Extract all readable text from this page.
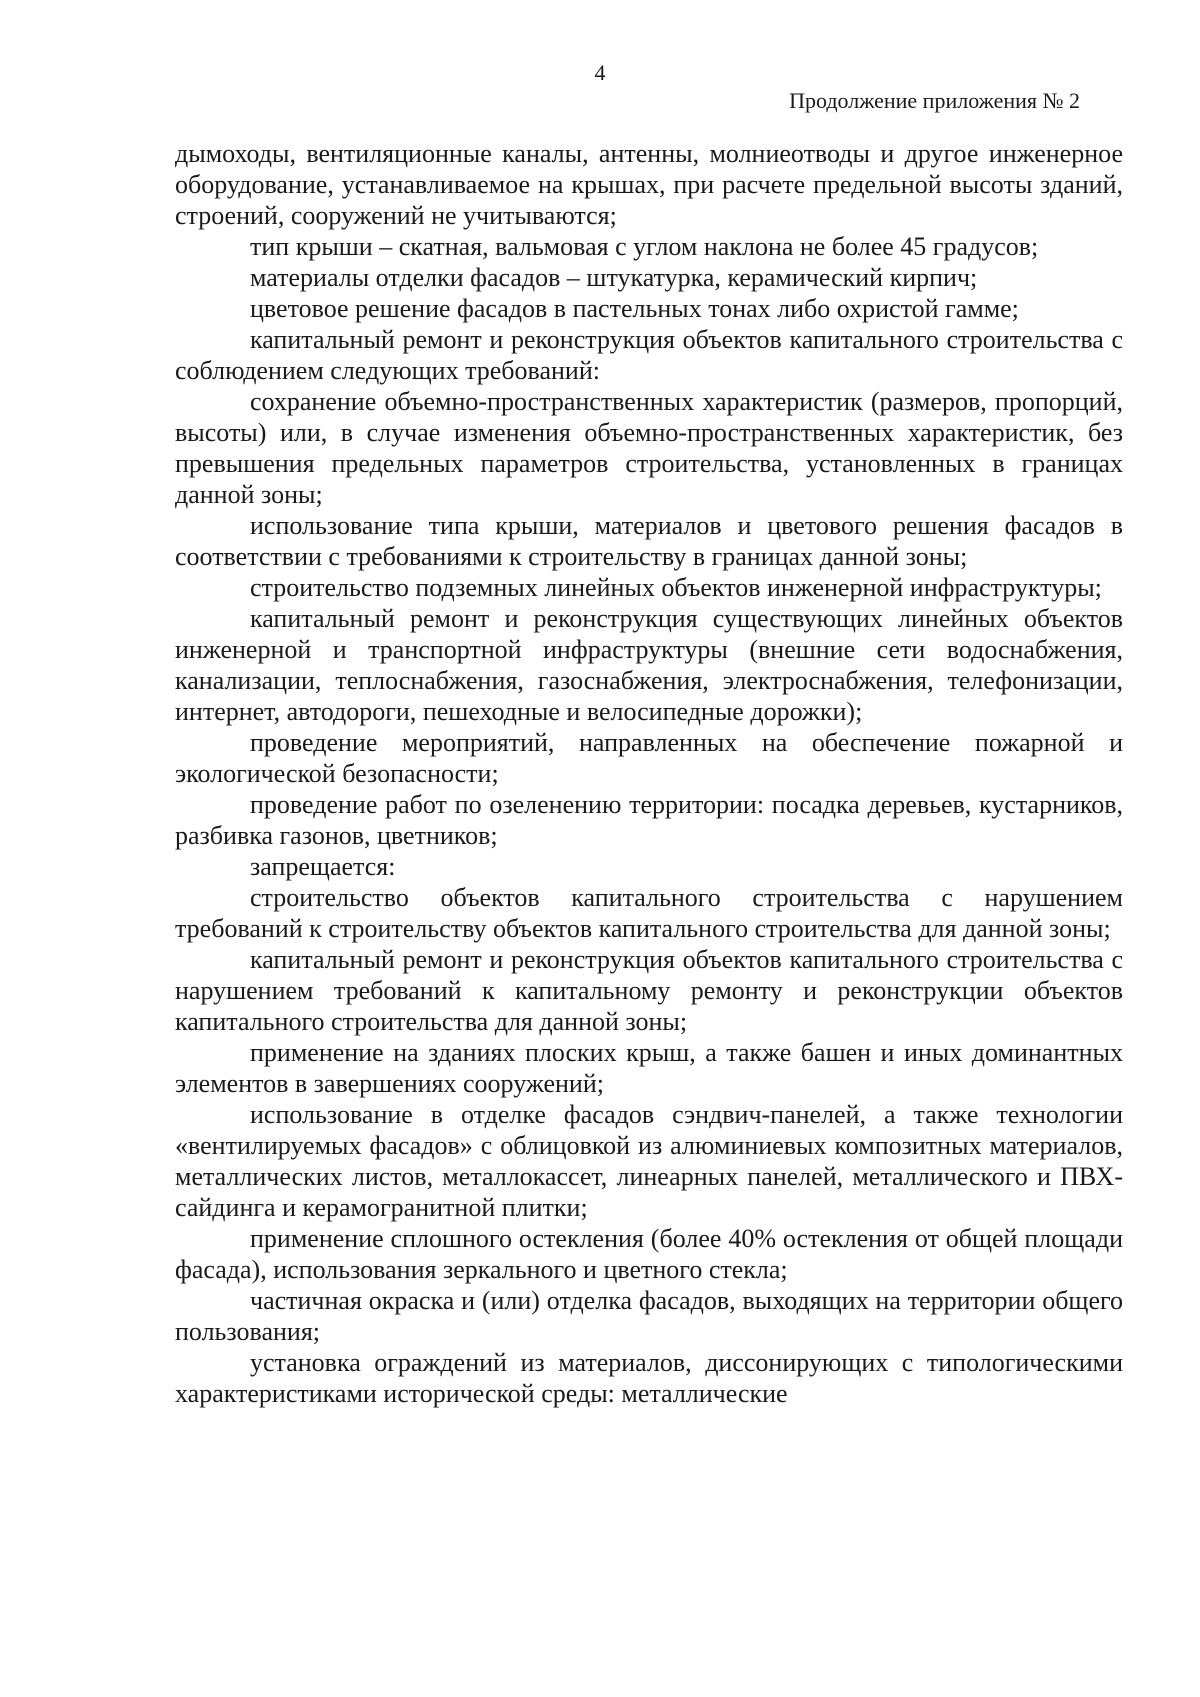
4
Продолжение приложения № 2

дымоходы, вентиляционные каналы, антенны, молниеотводы и другое инженерное оборудование, устанавливаемое на крышах, при расчете предельной высоты зданий, строений, сооружений не учитываются;

тип крыши – скатная, вальмовая с углом наклона не более 45 градусов;

материалы отделки фасадов – штукатурка, керамический кирпич;

цветовое решение фасадов в пастельных тонах либо охристой гамме;

капитальный ремонт и реконструкция объектов капитального строительства с соблюдением следующих требований:

сохранение объемно-пространственных характеристик (размеров, пропорций, высоты) или, в случае изменения объемно-пространственных характеристик, без превышения предельных параметров строительства, установленных в границах данной зоны;

использование типа крыши, материалов и цветового решения фасадов в соответствии с требованиями к строительству в границах данной зоны;

строительство подземных линейных объектов инженерной инфраструктуры;

капитальный ремонт и реконструкция существующих линейных объектов инженерной и транспортной инфраструктуры (внешние сети водоснабжения, канализации, теплоснабжения, газоснабжения, электроснабжения, телефонизации, интернет, автодороги, пешеходные и велосипедные дорожки);

проведение мероприятий, направленных на обеспечение пожарной и экологической безопасности;

проведение работ по озеленению территории: посадка деревьев, кустарников, разбивка газонов, цветников;

запрещается:

строительство объектов капитального строительства с нарушением требований к строительству объектов капитального строительства для данной зоны;

капитальный ремонт и реконструкция объектов капитального строительства с нарушением требований к капитальному ремонту и реконструкции объектов капитального строительства для данной зоны;

применение на зданиях плоских крыш, а также башен и иных доминантных элементов в завершениях сооружений;

использование в отделке фасадов сэндвич-панелей, а также технологии «вентилируемых фасадов» с облицовкой из алюминиевых композитных материалов, металлических листов, металлокассет, линеарных панелей, металлического и ПВХ-сайдинга и керамогранитной плитки;

применение сплошного остекления (более 40% остекления от общей площади фасада), использования зеркального и цветного стекла;

частичная окраска и (или) отделка фасадов, выходящих на территории общего пользования;

установка ограждений из материалов, диссонирующих с типологическими характеристиками исторической среды: металлические
